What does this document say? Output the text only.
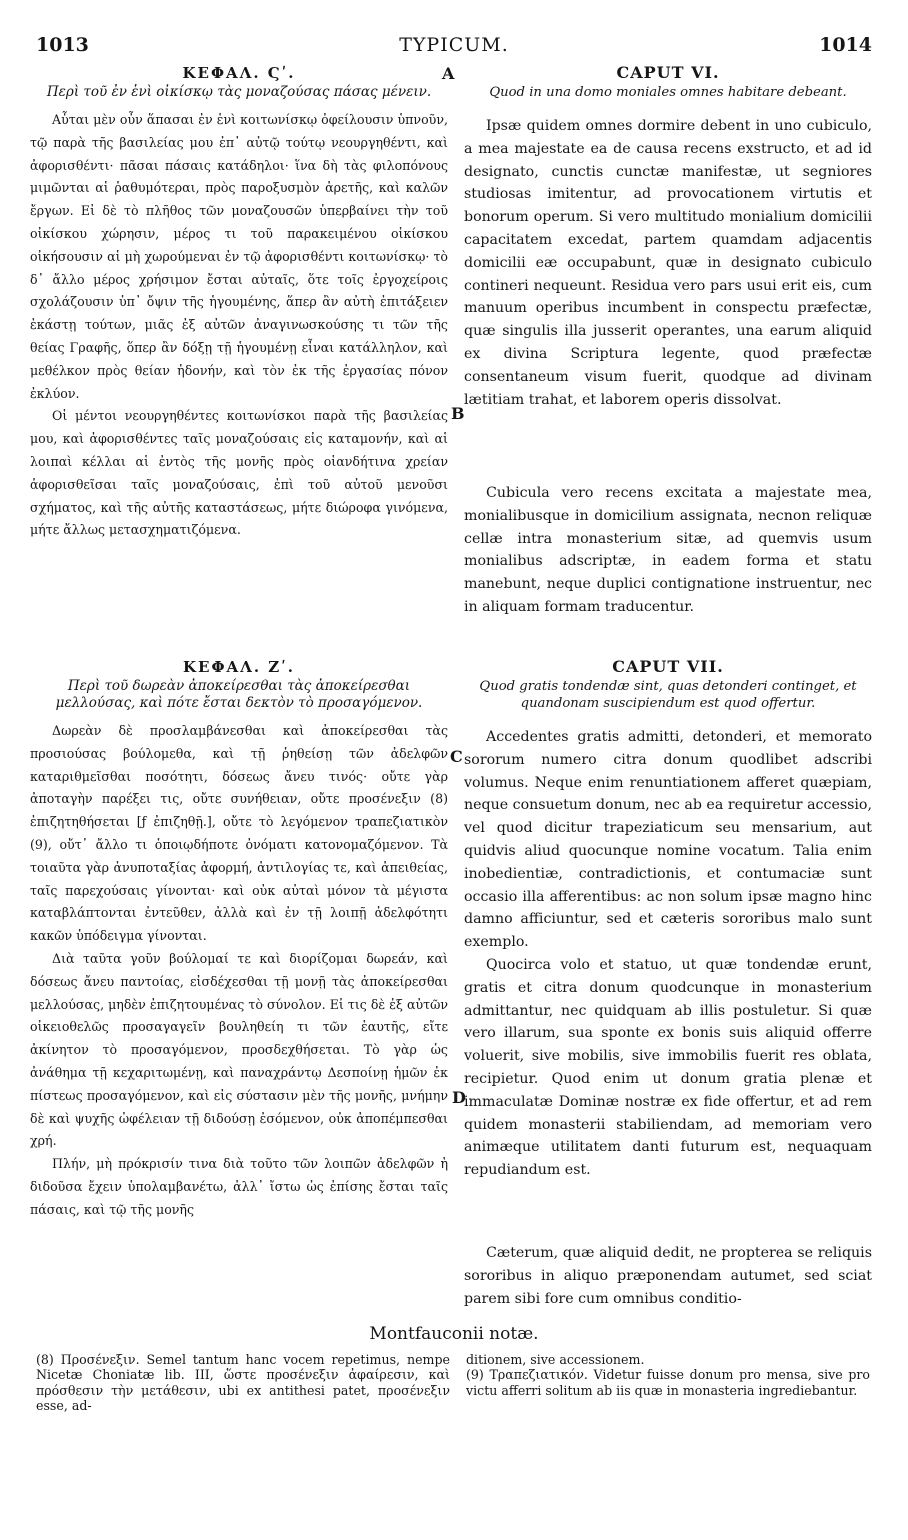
1013	TYPICUM.	1014
A
B
C
D
ΚΕΦΑΛ. Ϛʹ.
Περὶ τοῦ ἐν ἑνὶ οἰκίσκῳ τὰς μοναζούσας πάσας μένειν.

Αὗται μὲν οὖν ἅπασαι ἐν ἑνὶ κοιτωνίσκῳ ὀφείλουσιν ὑπνοῦν, τῷ παρὰ τῆς βασιλείας μου ἐπ᾽ αὐτῷ τούτῳ νεουργηθέντι, καὶ ἀφορισθέντι· πᾶσαι πάσαις κατάδηλοι· ἵνα δὴ τὰς φιλοπόνους μιμῶνται αἱ ῥαθυμότεραι, πρὸς παροξυσμὸν ἀρετῆς, καὶ καλῶν ἔργων. Εἰ δὲ τὸ πλῆθος τῶν μοναζουσῶν ὑπερβαίνει τὴν τοῦ οἰκίσκου χώρησιν, μέρος τι τοῦ παρακειμένου οἰκίσκου οἰκήσουσιν αἱ μὴ χωρούμεναι ἐν τῷ ἀφορισθέντι κοιτωνίσκῳ· τὸ δ᾽ ἄλλο μέρος χρήσιμον ἔσται αὐταῖς, ὅτε τοῖς ἐργοχείροις σχολάζουσιν ὑπ᾽ ὄψιν τῆς ἡγουμένης, ἅπερ ἂν αὐτὴ ἐπιτάξειεν ἑκάστῃ τούτων, μιᾶς ἐξ αὐτῶν ἀναγινωσκούσης τι τῶν τῆς θείας Γραφῆς, ὅπερ ἂν δόξῃ τῇ ἡγουμένῃ εἶναι κατάλληλον, καὶ μεθέλκον πρὸς θείαν ἡδονήν, καὶ τὸν ἐκ τῆς ἐργασίας πόνον ἐκλύον.

Οἱ μέντοι νεουργηθέντες κοιτωνίσκοι παρὰ τῆς βασιλείας μου, καὶ ἀφορισθέντες ταῖς μοναζούσαις εἰς καταμονήν, καὶ αἱ λοιπαὶ κέλλαι αἱ ἐντὸς τῆς μονῆς πρὸς οἱανδήτινα χρείαν ἀφορισθεῖσαι ταῖς μοναζούσαις, ἐπὶ τοῦ αὐτοῦ μενοῦσι σχήματος, καὶ τῆς αὐτῆς καταστάσεως, μήτε διώροφα γινόμενα, μήτε ἄλλως μετασχηματιζόμενα.

ΚΕΦΑΛ. Ζʹ.
Περὶ τοῦ δωρεὰν ἀποκείρεσθαι τὰς ἀποκείρεσθαι μελλούσας, καὶ πότε ἔσται δεκτὸν τὸ προσαγόμενον.

Δωρεὰν δὲ προσλαμβάνεσθαι καὶ ἀποκείρεσθαι τὰς προσιούσας βούλομεθα, καὶ τῇ ῥηθείσῃ τῶν ἀδελφῶν καταριθμεῖσθαι ποσότητι, δόσεως ἄνευ τινός· οὔτε γὰρ ἀποταγὴν παρέξει τις, οὔτε συνήθειαν, οὔτε προσένεξιν (8) ἐπιζητηθήσεται [ƒ ἐπιζηθῇ.], οὔτε τὸ λεγόμενον τραπεζιατικὸν (9), οὔτ᾽ ἄλλο τι ὁποιῳδήποτε ὀνόματι κατονομαζόμενον. Τὰ τοιαῦτα γὰρ ἀνυποταξίας ἀφορμή, ἀντιλογίας τε, καὶ ἀπειθείας, ταῖς παρεχούσαις γίνονται· καὶ οὐκ αὐταὶ μόνον τὰ μέγιστα καταβλάπτονται ἐντεῦθεν, ἀλλὰ καὶ ἐν τῇ λοιπῇ ἀδελφότητι κακῶν ὑπόδειγμα γίνονται.

Διὰ ταῦτα γοῦν βούλομαί τε καὶ διορίζομαι δωρεάν, καὶ δόσεως ἄνευ παντοίας, εἰσδέχεσθαι τῇ μονῇ τὰς ἀποκείρεσθαι μελλούσας, μηδὲν ἐπιζητουμένας τὸ σύνολον. Εἰ τις δὲ ἐξ αὐτῶν οἰκειοθελῶς προσαγαγεῖν βουληθείη τι τῶν ἑαυτῆς, εἴτε ἀκίνητον τὸ προσαγόμενον, προσδεχθήσεται. Τὸ γὰρ ὡς ἀνάθημα τῇ κεχαριτωμένῃ, καὶ παναχράντῳ Δεσποίνῃ ἡμῶν ἐκ πίστεως προσαγόμενον, καὶ εἰς σύστασιν μὲν τῆς μονῆς, μνήμην δὲ καὶ ψυχῆς ὠφέλειαν τῇ διδούσῃ ἐσόμενον, οὐκ ἀποπέμπεσθαι χρή.

Πλήν, μὴ πρόκρισίν τινα διὰ τοῦτο τῶν λοιπῶν ἀδελφῶν ἡ διδοῦσα ἔχειν ὑπολαμβανέτω, ἀλλ᾽ ἴστω ὡς ἐπίσης ἔσται ταῖς πάσαις, καὶ τῷ τῆς μονῆς

CAPUT VI.
Quod in una domo moniales omnes habitare debeant.

Ipsæ quidem omnes dormire debent in uno cubiculo, a mea majestate ea de causa recens exstructo, et ad id designato, cunctis cunctæ manifestæ, ut segniores studiosas imitentur, ad provocationem virtutis et bonorum operum. Si vero multitudo monialium domicilii capacitatem excedat, partem quamdam adjacentis domicilii eæ occupabunt, quæ in designato cubiculo contineri nequeunt. Residua vero pars usui erit eis, cum manuum operibus incumbent in conspectu præfectæ, quæ singulis illa jusserit operantes, una earum aliquid ex divina Scriptura legente, quod præfectæ consentaneum visum fuerit, quodque ad divinam lætitiam trahat, et laborem operis dissolvat.

Cubicula vero recens excitata a majestate mea, monialibusque in domicilium assignata, necnon reliquæ cellæ intra monasterium sitæ, ad quemvis usum monialibus adscriptæ, in eadem forma et statu manebunt, neque duplici contignatione instruentur, nec in aliquam formam traducentur.

CAPUT VII.
Quod gratis tondendæ sint, quas detonderi continget, et quandonam suscipiendum est quod offertur.

Accedentes gratis admitti, detonderi, et memorato sororum numero citra donum quodlibet adscribi volumus. Neque enim renuntiationem afferet quæpiam, neque consuetum donum, nec ab ea requiretur accessio, vel quod dicitur trapeziaticum seu mensarium, aut quidvis aliud quocunque nomine vocatum. Talia enim inobedientiæ, contradictionis, et contumaciæ sunt occasio illa afferentibus: ac non solum ipsæ magno hinc damno afficiuntur, sed et cæteris sororibus malo sunt exemplo.

Quocirca volo et statuo, ut quæ tondendæ erunt, gratis et citra donum quodcunque in monasterium admittantur, nec quidquam ab illis postuletur. Si quæ vero illarum, sua sponte ex bonis suis aliquid offerre voluerit, sive mobilis, sive immobilis fuerit res oblata, recipietur. Quod enim ut donum gratia plenæ et immaculatæ Dominæ nostræ ex fide offertur, et ad rem quidem monasterii stabiliendam, ad memoriam vero animæque utilitatem danti futurum est, nequaquam repudiandum est.

Cæterum, quæ aliquid dedit, ne propterea se reliquis sororibus in aliquo præponendam autumet, sed sciat parem sibi fore cum omnibus conditio-

Montfauconii notæ.
(8) Προσένεξιν. Semel tantum hanc vocem repetimus, nempe Nicetæ Choniatæ lib. III, ὥστε προσένεξιν ἀφαίρεσιν, καὶ πρόσθεσιν τὴν μετάθεσιν, ubi ex antithesi patet, προσένεξιν esse, ad-
ditionem, sive accessionem.
(9) Τραπεζιατικόν. Videtur fuisse donum pro mensa, sive pro victu afferri solitum ab iis quæ in monasteria ingrediebantur.
